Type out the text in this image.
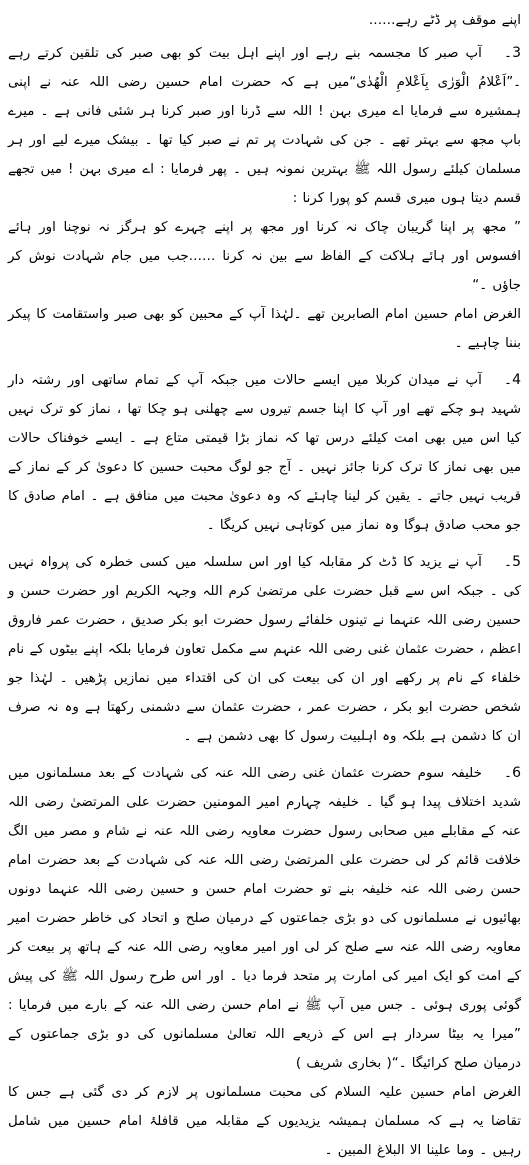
اپنے موقف پر ڈٹے رہے……

3۔آپ صبر کا مجسمہ بنے رہے اور اپنے اہل بیت کو بھی صبر کی تلقین کرتے رہے ۔”اَعْلامُ الْوَرٰی بِاَعْلامِ الْھُدٰی“میں ہے کہ حضرت امام حسین رضی اللہ عنہ نے اپنی ہمشیرہ سے فرمایا اے میری بہن ! اللہ سے ڈرنا اور صبر کرنا ہر شئی فانی ہے ۔ میرے باپ مجھ سے بہتر تھے ۔ جن کی شہادت پر تم نے صبر کیا تھا ۔ بیشک میرے لیے اور ہر مسلمان کیلئے رسول اللہ ﷺ بہترین نمونہ ہیں ۔ پھر فرمایا : اے میری بہن ! میں تجھے قسم دیتا ہوں میری قسم کو پورا کرنا :

” مجھ پر اپنا گریبان چاک نہ کرنا اور مجھ پر اپنے چہرے کو ہرگز نہ نوچنا اور ہائے افسوس اور ہائے ہلاکت کے الفاظ سے بین نہ کرنا ……جب میں جام شہادت نوش کر جاؤں ۔“

الغرض امام حسین امام الصابرین تھے ۔لہٰذا آپ کے محبین کو بھی صبر واستقامت کا پیکر بننا چاہیے ۔

4۔آپ نے میدان کربلا میں ایسے حالات میں جبکہ آپ کے تمام ساتھی اور رشتہ دار شہید ہو چکے تھے اور آپ کا اپنا جسم تیروں سے چھلنی ہو چکا تھا ، نماز کو ترک نہیں کیا اس میں بھی امت کیلئے درس تھا کہ نماز بڑا قیمتی متاع ہے ۔ ایسے خوفناک حالات میں بھی نماز کا ترک کرنا جائز نہیں ۔ آج جو لوگ محبت حسین کا دعویٰ کر کے نماز کے قریب نہیں جاتے ۔ یقین کر لینا چاہئے کہ وہ دعویٰ محبت میں منافق ہے ۔ امام صادق کا جو محب صادق ہوگا وہ نماز میں کوتاہی نہیں کریگا ۔

5۔آپ نے یزید کا ڈٹ کر مقابلہ کیا اور اس سلسلہ میں کسی خطرہ کی پرواہ نہیں کی ۔ جبکہ اس سے قبل حضرت علی مرتضیٰ کرم اللہ وجہہ الکریم اور حضرت حسن و حسین رضی اللہ عنہما نے تینوں خلفائے رسول حضرت ابو بکر صدیق ، حضرت عمر فاروق اعظم ، حضرت عثمان غنی رضی اللہ عنہم سے مکمل تعاون فرمایا بلکہ اپنے بیٹوں کے نام خلفاء کے نام پر رکھے اور ان کی بیعت کی ان کی اقتداء میں نمازیں پڑھیں ۔ لہٰذا جو شخص حضرت ابو بکر ، حضرت عمر ، حضرت عثمان سے دشمنی رکھتا ہے وہ نہ صرف ان کا دشمن ہے بلکہ وہ اہلبیت رسول کا بھی دشمن ہے ۔

6۔خلیفہ سوم حضرت عثمان غنی رضی اللہ عنہ کی شہادت کے بعد مسلمانوں میں شدید اختلاف پیدا ہو گیا ۔ خلیفہ چہارم امیر المومنین حضرت علی المرتضیٰ رضی اللہ عنہ کے مقابلے میں صحابی رسول حضرت معاویہ رضی اللہ عنہ نے شام و مصر میں الگ خلافت قائم کر لی حضرت علی المرتضیٰ رضی اللہ عنہ کی شہادت کے بعد حضرت امام حسن رضی اللہ عنہ خلیفہ بنے تو حضرت امام حسن و حسین رضی اللہ عنہما دونوں بھائیوں نے مسلمانوں کی دو بڑی جماعتوں کے درمیان صلح و اتحاد کی خاطر حضرت امیر معاویہ رضی اللہ عنہ سے صلح کر لی اور امیر معاویہ رضی اللہ عنہ کے ہاتھ پر بیعت کر کے امت کو ایک امیر کی امارت پر متحد فرما دیا ۔ اور اس طرح رسول اللہ ﷺ کی پیش گوئی پوری ہوئی ۔ جس میں آپ ﷺ نے امام حسن رضی اللہ عنہ کے بارے میں فرمایا : ”میرا یہ بیٹا سردار ہے اس کے ذریعے اللہ تعالیٰ مسلمانوں کی دو بڑی جماعتوں کے درمیان صلح کرائیگا ۔“( بخاری شریف )

الغرض امام حسین علیہ السلام کی محبت مسلمانوں پر لازم کر دی گئی ہے جس کا تقاضا یہ ہے کہ مسلمان ہمیشہ یزیدیوں کے مقابلہ میں قافلۂ امام حسین میں شامل رہیں ۔ وما علینا الا البلاغ المبین ۔
